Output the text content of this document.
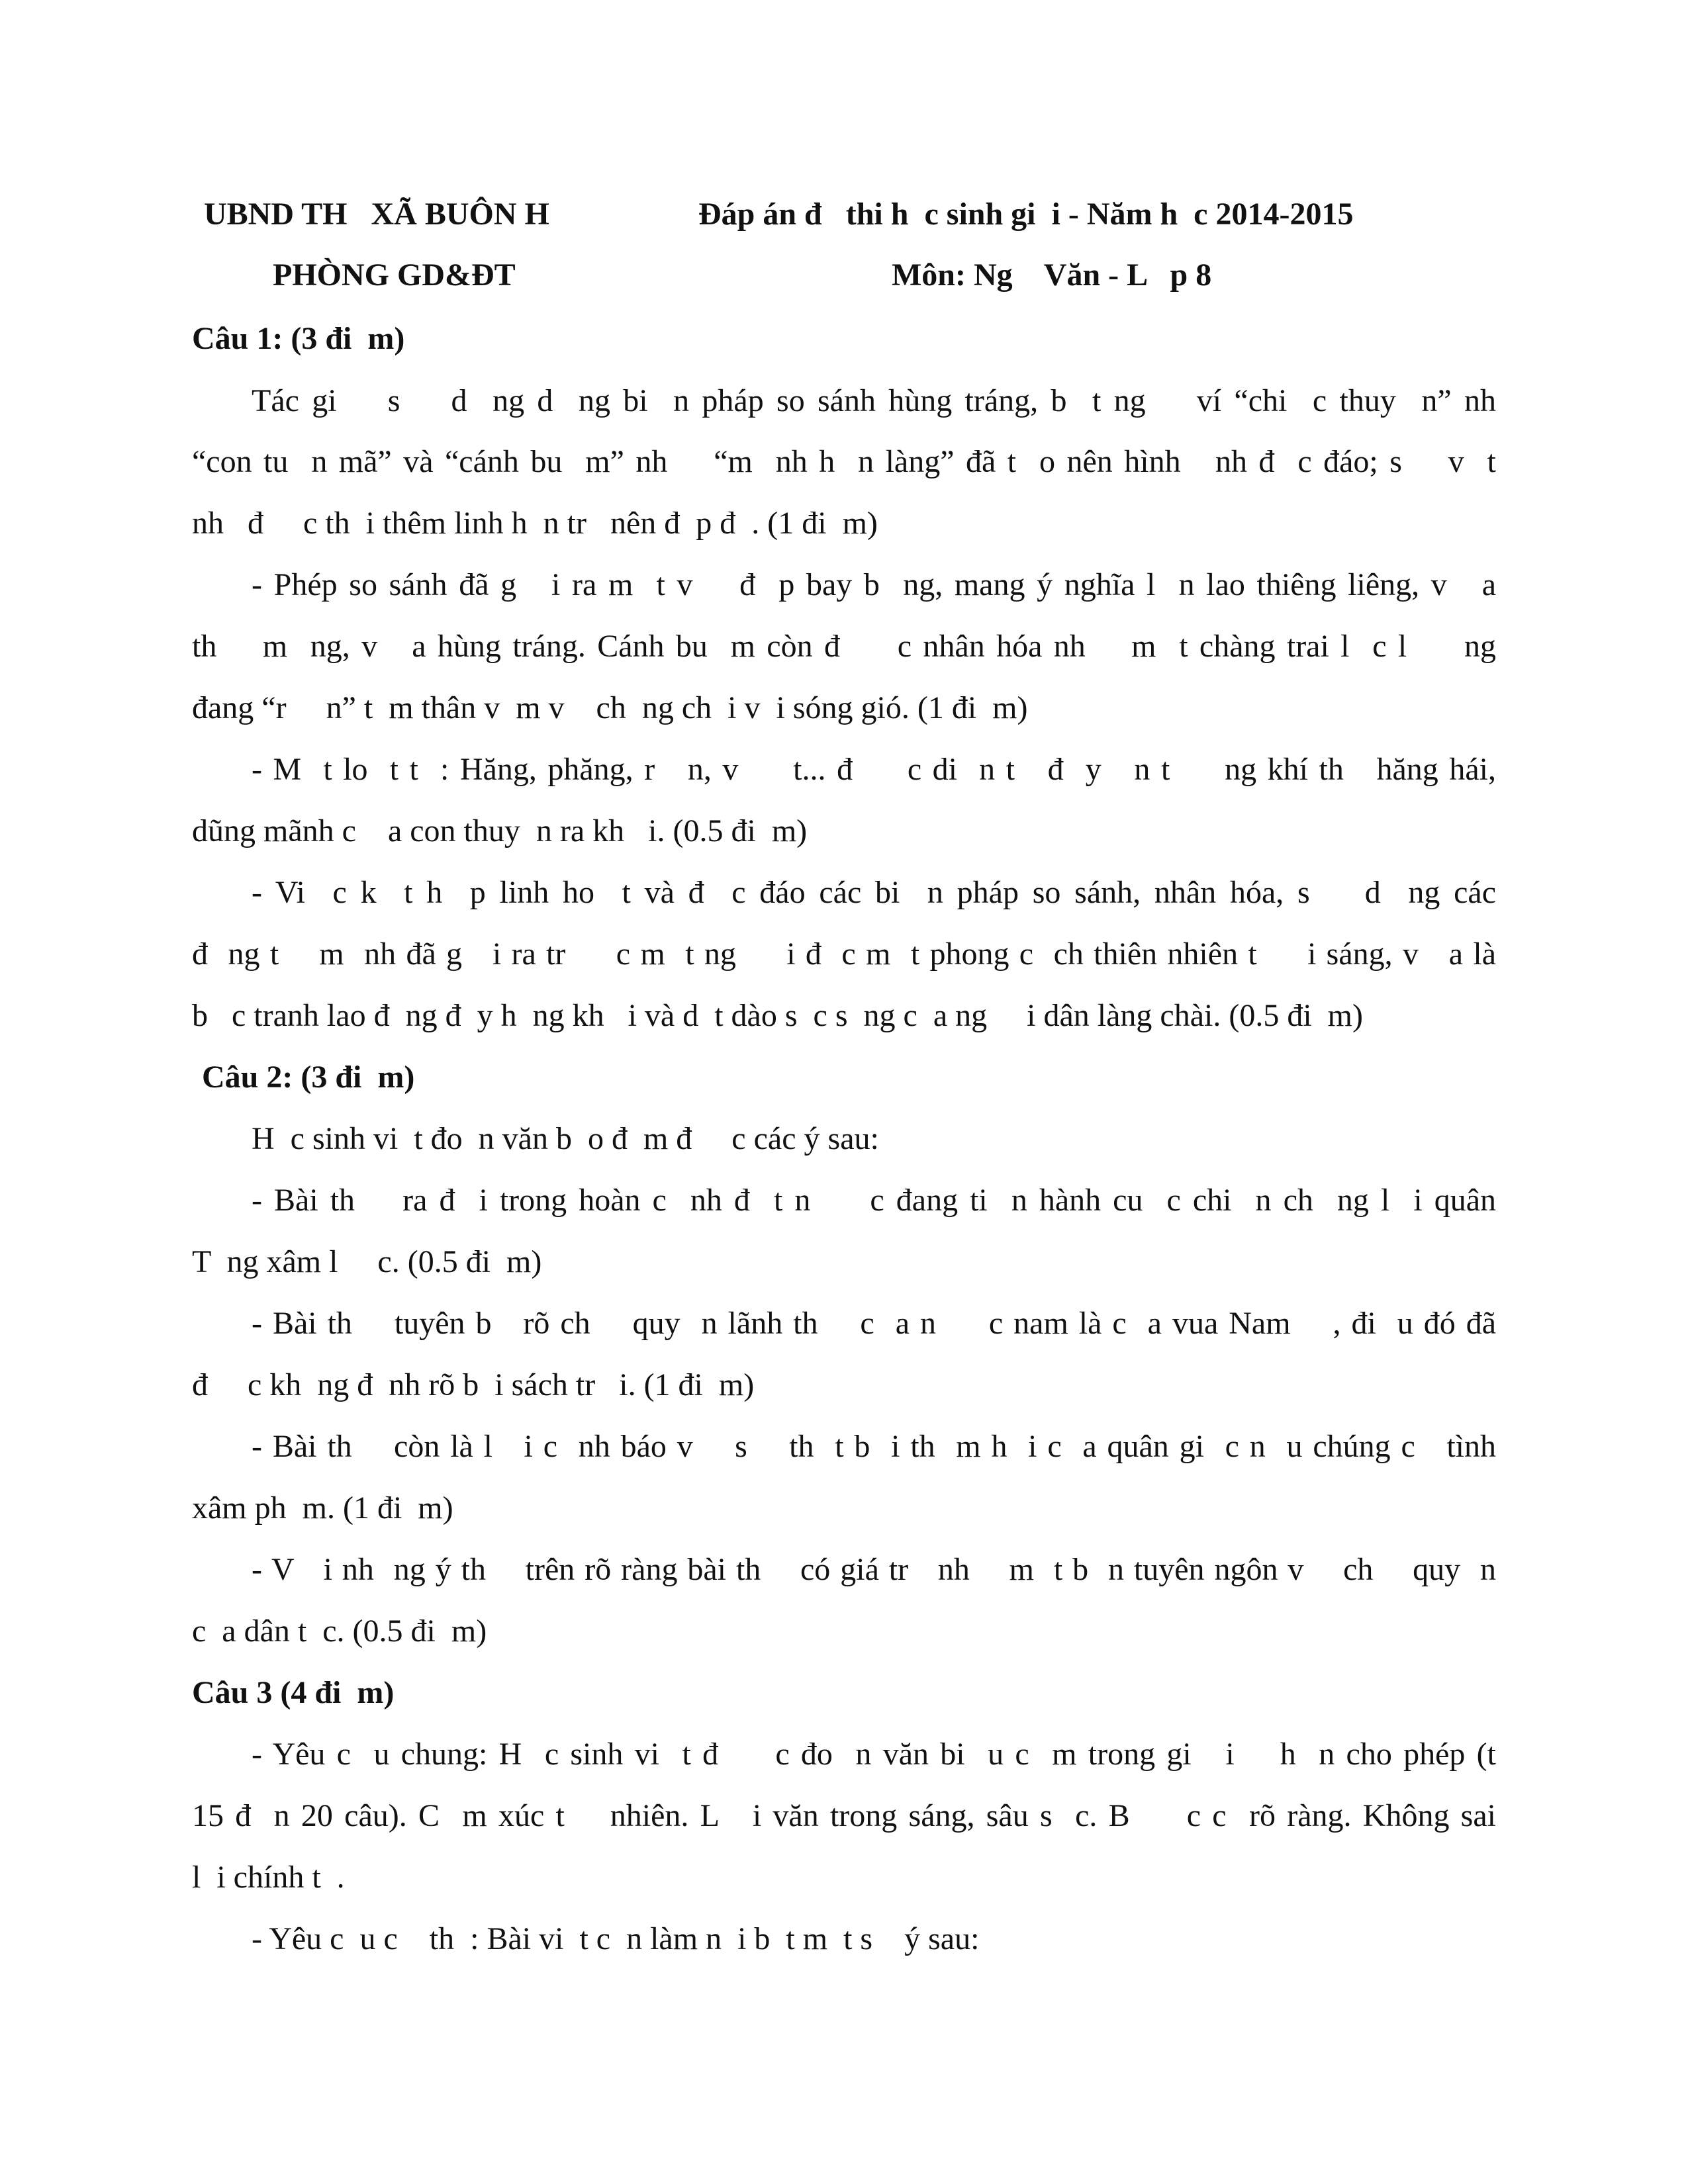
UBND TH   XÃ BUÔN H
PHÒNG GD&ĐT
Đáp án đ   thi h  c sinh gi  i - Năm h  c 2014-2015
Môn: Ng    Văn - L   p 8
Câu 1: (3 đi  m)
Tác gi    s    d  ng d  ng bi  n pháp so sánh hùng tráng, b  t ng    ví “chi  c thuy  n” nh
“con tu  n mã” và “cánh bu  m” nh    “m  nh h  n làng” đã t  o nên hình   nh đ  c đáo; s    v  t
nh   đ     c th  i thêm linh h  n tr   nên đ  p đ  . (1 đi  m)
- Phép so sánh đã g   i ra m  t v    đ  p bay b  ng, mang ý nghĩa l  n lao thiêng liêng, v   a
th    m  ng, v   a hùng tráng. Cánh bu  m còn đ     c nhân hóa nh    m  t chàng trai l  c l     ng
đang “r     n” t  m thân v  m v    ch  ng ch  i v  i sóng gió. (1 đi  m)
- M  t lo  t t  : Hăng, phăng, r   n, v     t... đ     c di  n t   đ  y   n t     ng khí th   hăng hái,
dũng mãnh c    a con thuy  n ra kh   i. (0.5 đi  m)
- Vi  c k  t h  p linh ho  t và đ  c đáo các bi  n pháp so sánh, nhân hóa, s    d  ng các
đ  ng t    m  nh đã g   i ra tr     c m  t ng     i đ  c m  t phong c  ch thiên nhiên t     i sáng, v   a là
b   c tranh lao đ  ng đ  y h  ng kh   i và d  t dào s  c s  ng c  a ng     i dân làng chài. (0.5 đi  m)
Câu 2: (3 đi  m)
H  c sinh vi  t đo  n văn b  o đ  m đ     c các ý sau:
- Bài th    ra đ  i trong hoàn c  nh đ  t n     c đang ti  n hành cu  c chi  n ch  ng l  i quân
T  ng xâm l     c. (0.5 đi  m)
- Bài th    tuyên b   rõ ch    quy  n lãnh th    c  a n     c nam là c  a vua Nam    , đi  u đó đã
đ     c kh  ng đ  nh rõ b  i sách tr   i. (1 đi  m)
- Bài th    còn là l   i c  nh báo v    s    th  t b  i th  m h  i c  a quân gi  c n  u chúng c   tình
xâm ph  m. (1 đi  m)
- V   i nh  ng ý th    trên rõ ràng bài th    có giá tr   nh    m  t b  n tuyên ngôn v    ch    quy  n
c  a dân t  c. (0.5 đi  m)
Câu 3 (4 đi  m)
- Yêu c  u chung: H  c sinh vi  t đ     c đo  n văn bi  u c  m trong gi   i    h  n cho phép (t
15 đ  n 20 câu). C  m xúc t    nhiên. L   i văn trong sáng, sâu s  c. B     c c  rõ ràng. Không sai
l  i chính t  .
- Yêu c  u c    th  : Bài vi  t c  n làm n  i b  t m  t s    ý sau:
